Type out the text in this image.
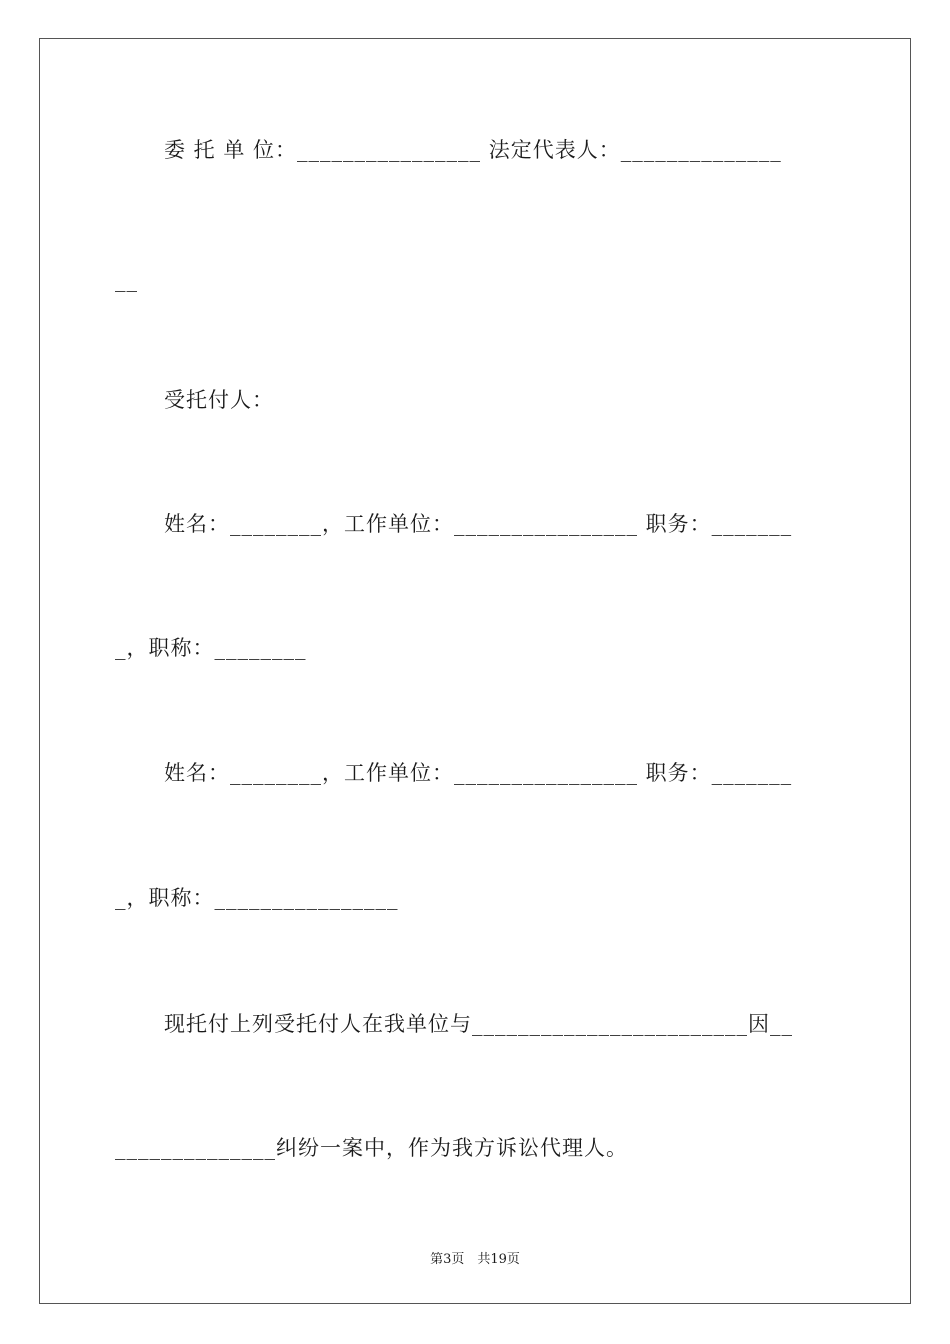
委 托 单 位：________________ 法定代表人：______________
__
受托付人：
姓名：________，工作单位：________________ 职务：_______
_，职称：________
姓名：________，工作单位：________________ 职务：_______
_，职称：________________
现托付上列受托付人在我单位与________________________因__
______________纠纷一案中，作为我方诉讼代理人。
第3页　共19页
